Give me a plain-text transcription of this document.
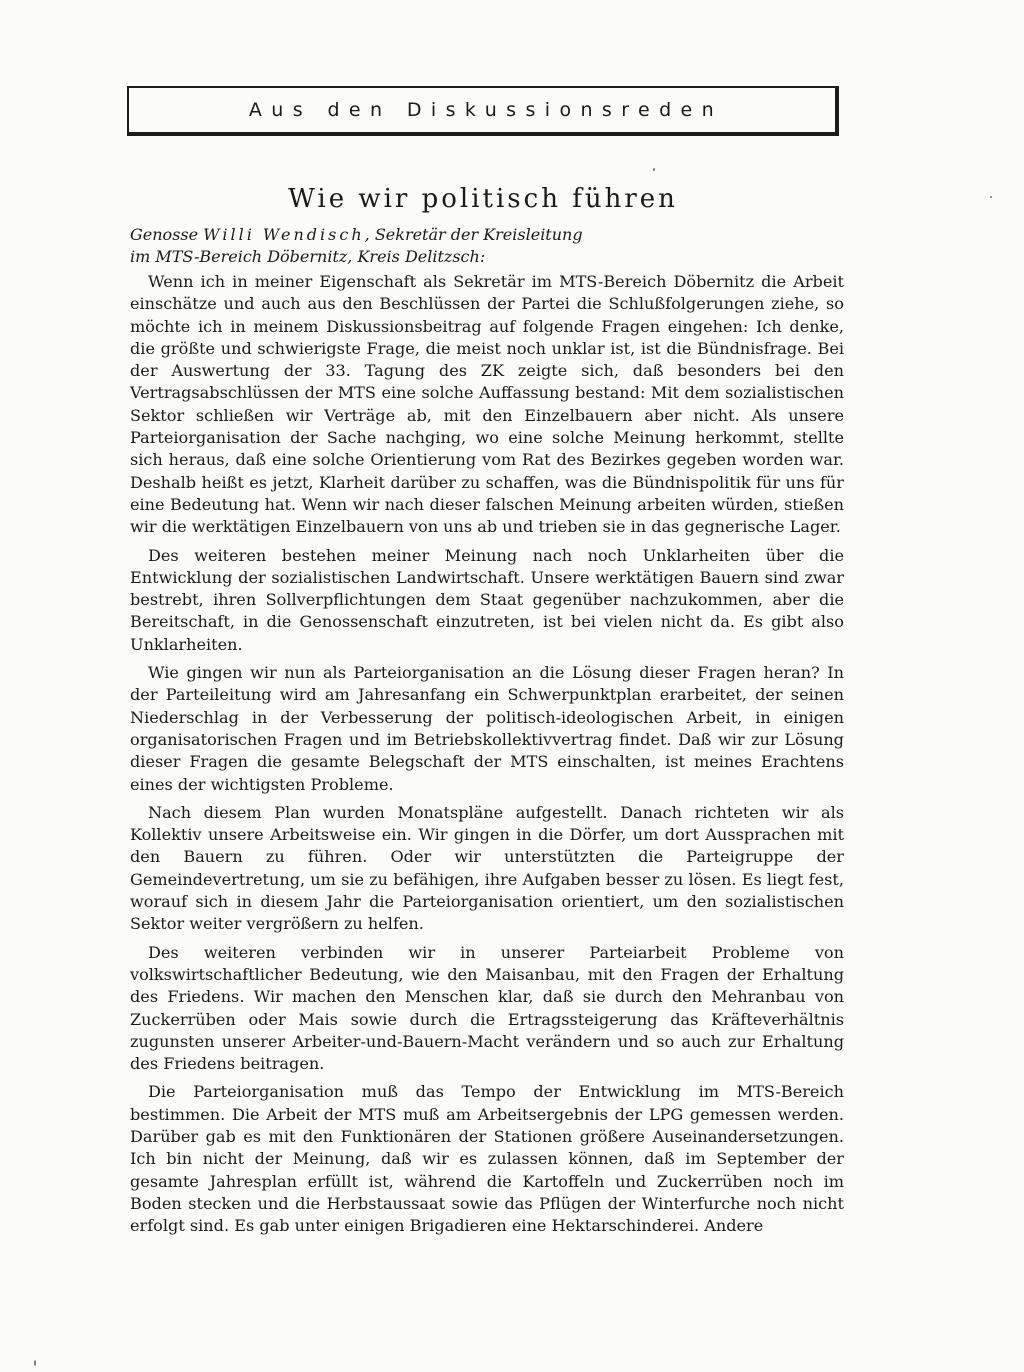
Aus den Diskussionsreden
Wie wir politisch führen
Genosse Willi Wendisch, Sekretär der Kreisleitung
im MTS-Bereich Döbernitz, Kreis Delitzsch:

Wenn ich in meiner Eigenschaft als Sekretär im MTS-Bereich Döbernitz die Arbeit einschätze und auch aus den Beschlüssen der Partei die Schlußfolgerungen ziehe, so möchte ich in meinem Diskussionsbeitrag auf folgende Fragen eingehen: Ich denke, die größte und schwierigste Frage, die meist noch unklar ist, ist die Bündnisfrage. Bei der Auswertung der 33. Tagung des ZK zeigte sich, daß besonders bei den Vertragsabschlüssen der MTS eine solche Auffassung bestand: Mit dem sozialistischen Sektor schließen wir Verträge ab, mit den Einzelbauern aber nicht. Als unsere Parteiorganisation der Sache nachging, wo eine solche Meinung herkommt, stellte sich heraus, daß eine solche Orientierung vom Rat des Bezirkes gegeben worden war. Deshalb heißt es jetzt, Klarheit darüber zu schaffen, was die Bündnispolitik für uns für eine Bedeutung hat. Wenn wir nach dieser falschen Meinung arbeiten würden, stießen wir die werktätigen Einzelbauern von uns ab und trieben sie in das gegnerische Lager.

Des weiteren bestehen meiner Meinung nach noch Unklarheiten über die Entwicklung der sozialistischen Landwirtschaft. Unsere werktätigen Bauern sind zwar bestrebt, ihren Sollverpflichtungen dem Staat gegenüber nachzukommen, aber die Bereitschaft, in die Genossenschaft einzutreten, ist bei vielen nicht da. Es gibt also Unklarheiten.

Wie gingen wir nun als Parteiorganisation an die Lösung dieser Fragen heran? In der Parteileitung wird am Jahresanfang ein Schwerpunktplan erarbeitet, der seinen Niederschlag in der Verbesserung der politisch-ideologischen Arbeit, in einigen organisatorischen Fragen und im Betriebskollektivvertrag findet. Daß wir zur Lösung dieser Fragen die gesamte Belegschaft der MTS einschalten, ist meines Erachtens eines der wichtigsten Probleme.

Nach diesem Plan wurden Monatspläne aufgestellt. Danach richteten wir als Kollektiv unsere Arbeitsweise ein. Wir gingen in die Dörfer, um dort Aussprachen mit den Bauern zu führen. Oder wir unterstützten die Parteigruppe der Gemeindevertretung, um sie zu befähigen, ihre Aufgaben besser zu lösen. Es liegt fest, worauf sich in diesem Jahr die Parteiorganisation orientiert, um den sozialistischen Sektor weiter vergrößern zu helfen.

Des weiteren verbinden wir in unserer Parteiarbeit Probleme von volkswirtschaftlicher Bedeutung, wie den Maisanbau, mit den Fragen der Erhaltung des Friedens. Wir machen den Menschen klar, daß sie durch den Mehranbau von Zuckerrüben oder Mais sowie durch die Ertragssteigerung das Kräfteverhältnis zugunsten unserer Arbeiter-und-Bauern-Macht verändern und so auch zur Erhaltung des Friedens beitragen.

Die Parteiorganisation muß das Tempo der Entwicklung im MTS-Bereich bestimmen. Die Arbeit der MTS muß am Arbeitsergebnis der LPG gemessen werden. Darüber gab es mit den Funktionären der Stationen größere Auseinandersetzungen. Ich bin nicht der Meinung, daß wir es zulassen können, daß im September der gesamte Jahresplan erfüllt ist, während die Kartoffeln und Zuckerrüben noch im Boden stecken und die Herbstaussaat sowie das Pflügen der Winterfurche noch nicht erfolgt sind. Es gab unter einigen Brigadieren eine Hektarschinderei. Andere
